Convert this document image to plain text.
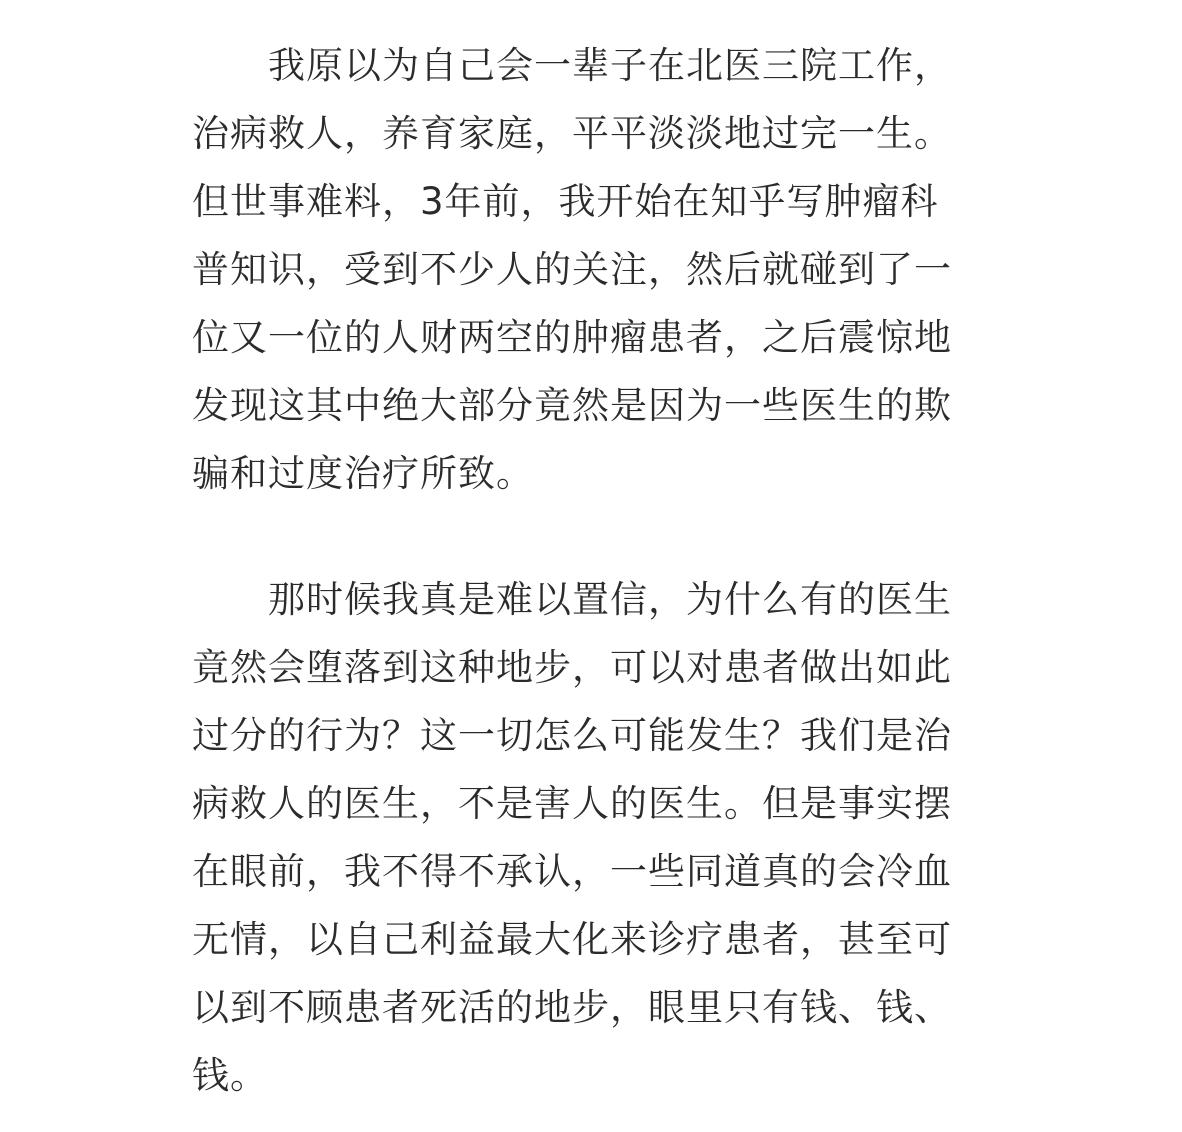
我原以为自己会一辈子在北医三院工作，
治病救人，养育家庭，平平淡淡地过完一生。
但世事难料，3年前，我开始在知乎写肿瘤科
普知识，受到不少人的关注，然后就碰到了一
位又一位的人财两空的肿瘤患者，之后震惊地
发现这其中绝大部分竟然是因为一些医生的欺
骗和过度治疗所致。
那时候我真是难以置信，为什么有的医生
竟然会堕落到这种地步，可以对患者做出如此
过分的行为？这一切怎么可能发生？我们是治
病救人的医生，不是害人的医生。但是事实摆
在眼前，我不得不承认，一些同道真的会冷血
无情，以自己利益最大化来诊疗患者，甚至可
以到不顾患者死活的地步，眼里只有钱、钱、
钱。
